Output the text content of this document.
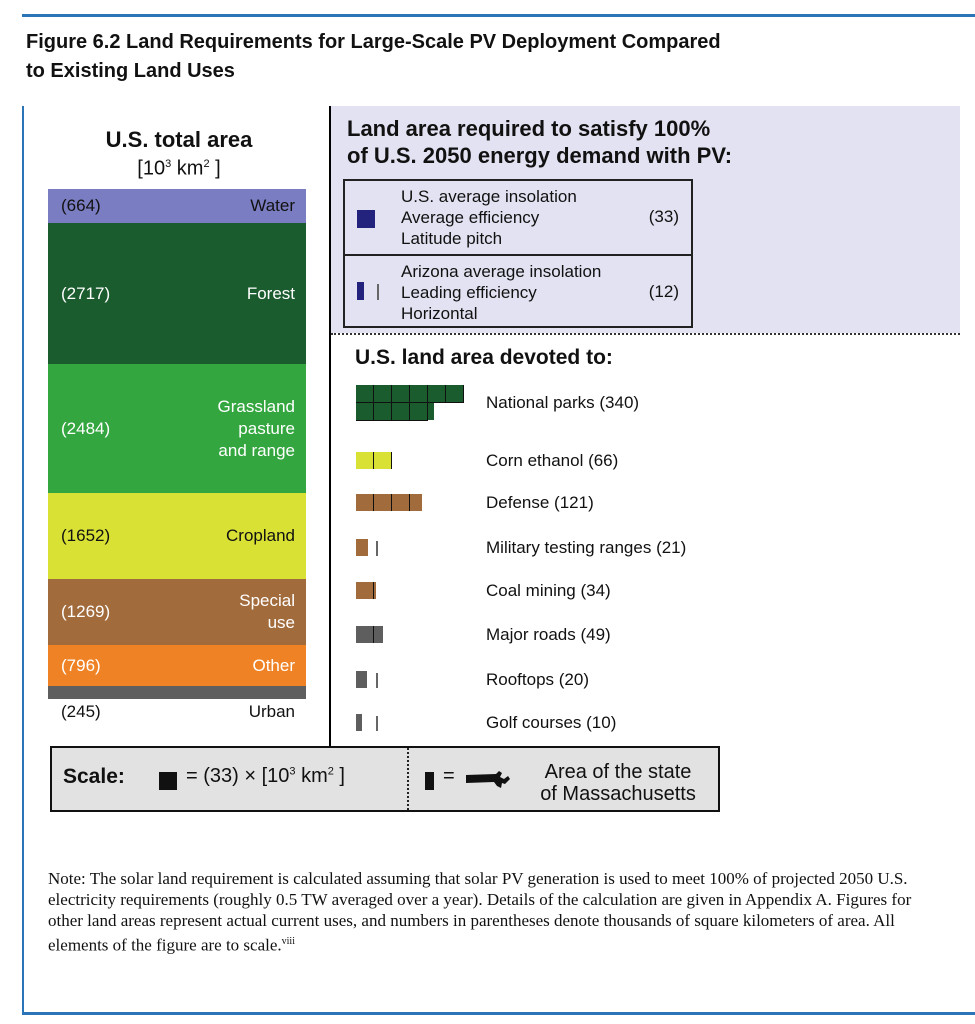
Figure 6.2 Land Requirements for Large-Scale PV Deployment Compared
to Existing Land Uses
U.S. total area
[$10^3$ $km^2$ ]
Land area required to satisfy 100%
of U.S. 2050 energy demand with PV:
U.S. land area devoted to:
Scale:	= $(33) \times [10^3$ $km^2$ ]	=	Area of the state
of Massachusetts
Note: The solar land requirement is calculated assuming that solar PV generation is used to meet 100% of projected 2050 U.S. electricity requirements (roughly 0.5 TW averaged over a year). Details of the calculation are given in Appendix A. Figures for other land areas represent actual current uses, and numbers in parentheses denote thousands of square kilometers of area. All elements of the figure are to scale.$^{viii}$
(664)	Water
(2717)	Forest
(2484)
Grassland
pasture
and range
(1652)	Cropland
(1269)
Special
use
(796)	Other
(245)	Urban
U.S. average insolation
Average efficiency
Latitude pitch
(33)
Arizona average insolation
Leading efficiency
Horizontal
(12)
National parks (340)
Corn ethanol (66)
Defense (121)
Military testing ranges (21)
Coal mining (34)
Major roads (49)
Rooftops (20)
Golf courses (10)
